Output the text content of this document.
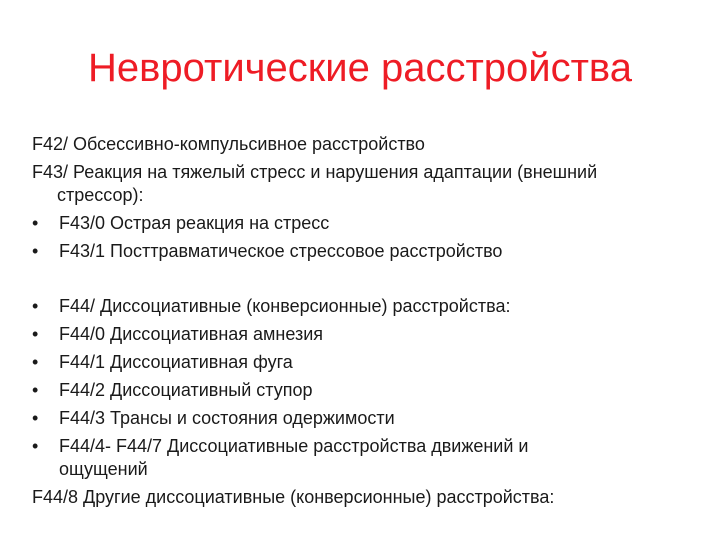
Невротические расстройства
F42/ Обсессивно-компульсивное расстройство
F43/ Реакция на тяжелый стресс и нарушения адаптации (внешний
стрессор):
•	F43/0 Острая реакция на стресс
•	F43/1 Посттравматическое стрессовое расстройство
•	F44/ Диссоциативные (конверсионные) расстройства:
•	F44/0 Диссоциативная амнезия
•	F44/1 Диссоциативная фуга
•	F44/2 Диссоциативный ступор
•	F44/3 Трансы и состояния одержимости
•	F44/4- F44/7 Диссоциативные расстройства движений и
ощущений
F44/8 Другие диссоциативные (конверсионные) расстройства:
